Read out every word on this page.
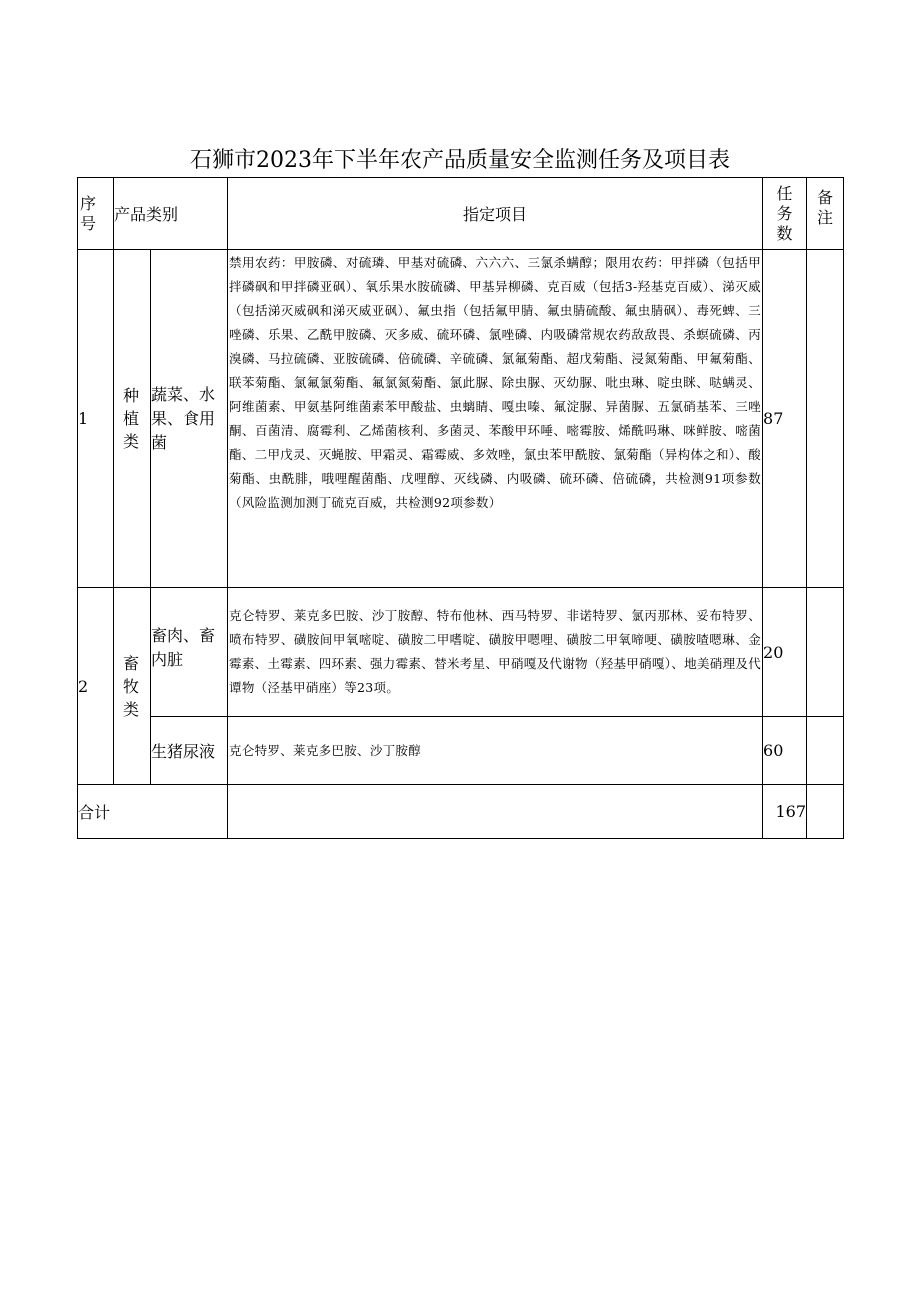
石狮市2023年下半年农产品质量安全监测任务及项目表
序号	产品类别		指定项目	任务数	备注

1	种植类	蔬菜、水果、食用菌	禁用农药：甲胺磷、对硫璘、甲基对硫磷、六六六、三氯杀螨醇；限用农药：甲拌磷（包括甲拌磷砜和甲拌磷亚砜）、氧乐果水胺硫磷、甲基异柳磷、克百威（包括3-羟基克百威）、涕灭威（包括涕灭威砜和涕灭威亚砜）、氟虫指（包括氟甲腈、氟虫腈硫酸、氟虫腈砜）、毒死蜱、三唑磷、乐果、乙酰甲胺磷、灭多威、硫环磷、氯唑磷、内吸磷常规农药敌敌畏、杀螟硫磷、丙溴磷、马拉硫磷、亚胺硫磷、倍硫磷、辛硫磷、氯氟菊酯、超戊菊酯、浸氮菊酯、甲氟菊酯、联苯菊酯、氯氟氯菊酯、氟氯氮菊酯、氯此脲、除虫脲、灭幼脲、吡虫琳、啶虫眯、哒螨灵、阿维菌素、甲氨基阿维菌素苯甲酸盐、虫螭睛、嘎虫嗪、氟淀脲、异菌脲、五氯硝基苯、三唑酮、百菌清、腐霉利、乙烯菌核利、多菌灵、苯酸甲环唾、嘧霉胺、烯酰吗琳、咪鲜胺、嘧菌酯、二甲戊灵、灭蝇胺、甲霜灵、霜霉威、多效唑，氯虫苯甲酰胺、氯菊酯（异构体之和）、酸菊酯、虫酰腓，哦哩醒菌酯、戊哩醇、灭线磷、内吸磷、硫环磷、倍硫磷，共检测91项参数（风险监测加测丁硫克百威，共检测92项参数）	87	
2	畜牧类	畜肉、畜内脏	克仑特罗、莱克多巴胺、沙丁胺醇、特布他林、西马特罗、非诺特罗、氯丙那林、妥布特罗、喷布特罗、磺胺间甲氧嘧啶、磺胺二甲嗜啶、磺胺甲嗯哩、磺胺二甲氧啼哽、磺胺喳嗯琳、金霉素、土霉素、四环素、强力霉素、替米考星、甲硝嘎及代谢物（羟基甲硝嘎）、地美硝理及代谭物（泾基甲硝座）等23项。	20	
		生猪尿液	克仑特罗、莱克多巴胺、沙丁胺醇	60	
合计				167	
